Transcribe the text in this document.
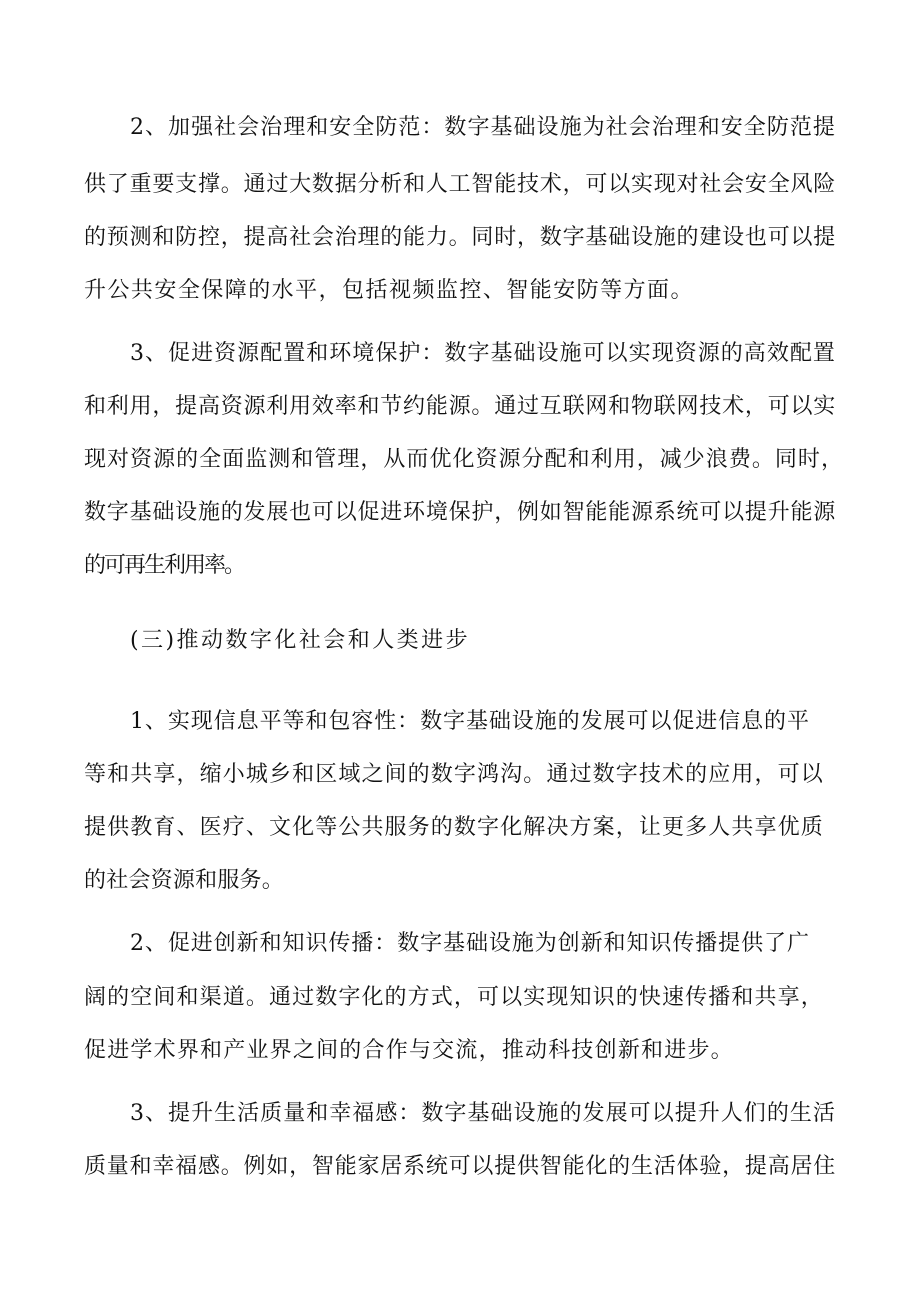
2、加强社会治理和安全防范：数字基础设施为社会治理和安全防范提
供了重要支撑。通过大数据分析和人工智能技术，可以实现对社会安全风险
的预测和防控，提高社会治理的能力。同时，数字基础设施的建设也可以提
升公共安全保障的水平，包括视频监控、智能安防等方面。
3、促进资源配置和环境保护：数字基础设施可以实现资源的高效配置
和利用，提高资源利用效率和节约能源。通过互联网和物联网技术，可以实
现对资源的全面监测和管理，从而优化资源分配和利用，减少浪费。同时，
数字基础设施的发展也可以促进环境保护，例如智能能源系统可以提升能源
的可再生利用率。
(三)推动数字化社会和人类进步
1、实现信息平等和包容性：数字基础设施的发展可以促进信息的平
等和共享，缩小城乡和区域之间的数字鸿沟。通过数字技术的应用，可以
提供教育、医疗、文化等公共服务的数字化解决方案，让更多人共享优质
的社会资源和服务。
2、促进创新和知识传播：数字基础设施为创新和知识传播提供了广
阔的空间和渠道。通过数字化的方式，可以实现知识的快速传播和共享，
促进学术界和产业界之间的合作与交流，推动科技创新和进步。
3、提升生活质量和幸福感：数字基础设施的发展可以提升人们的生活
质量和幸福感。例如，智能家居系统可以提供智能化的生活体验，提高居住
